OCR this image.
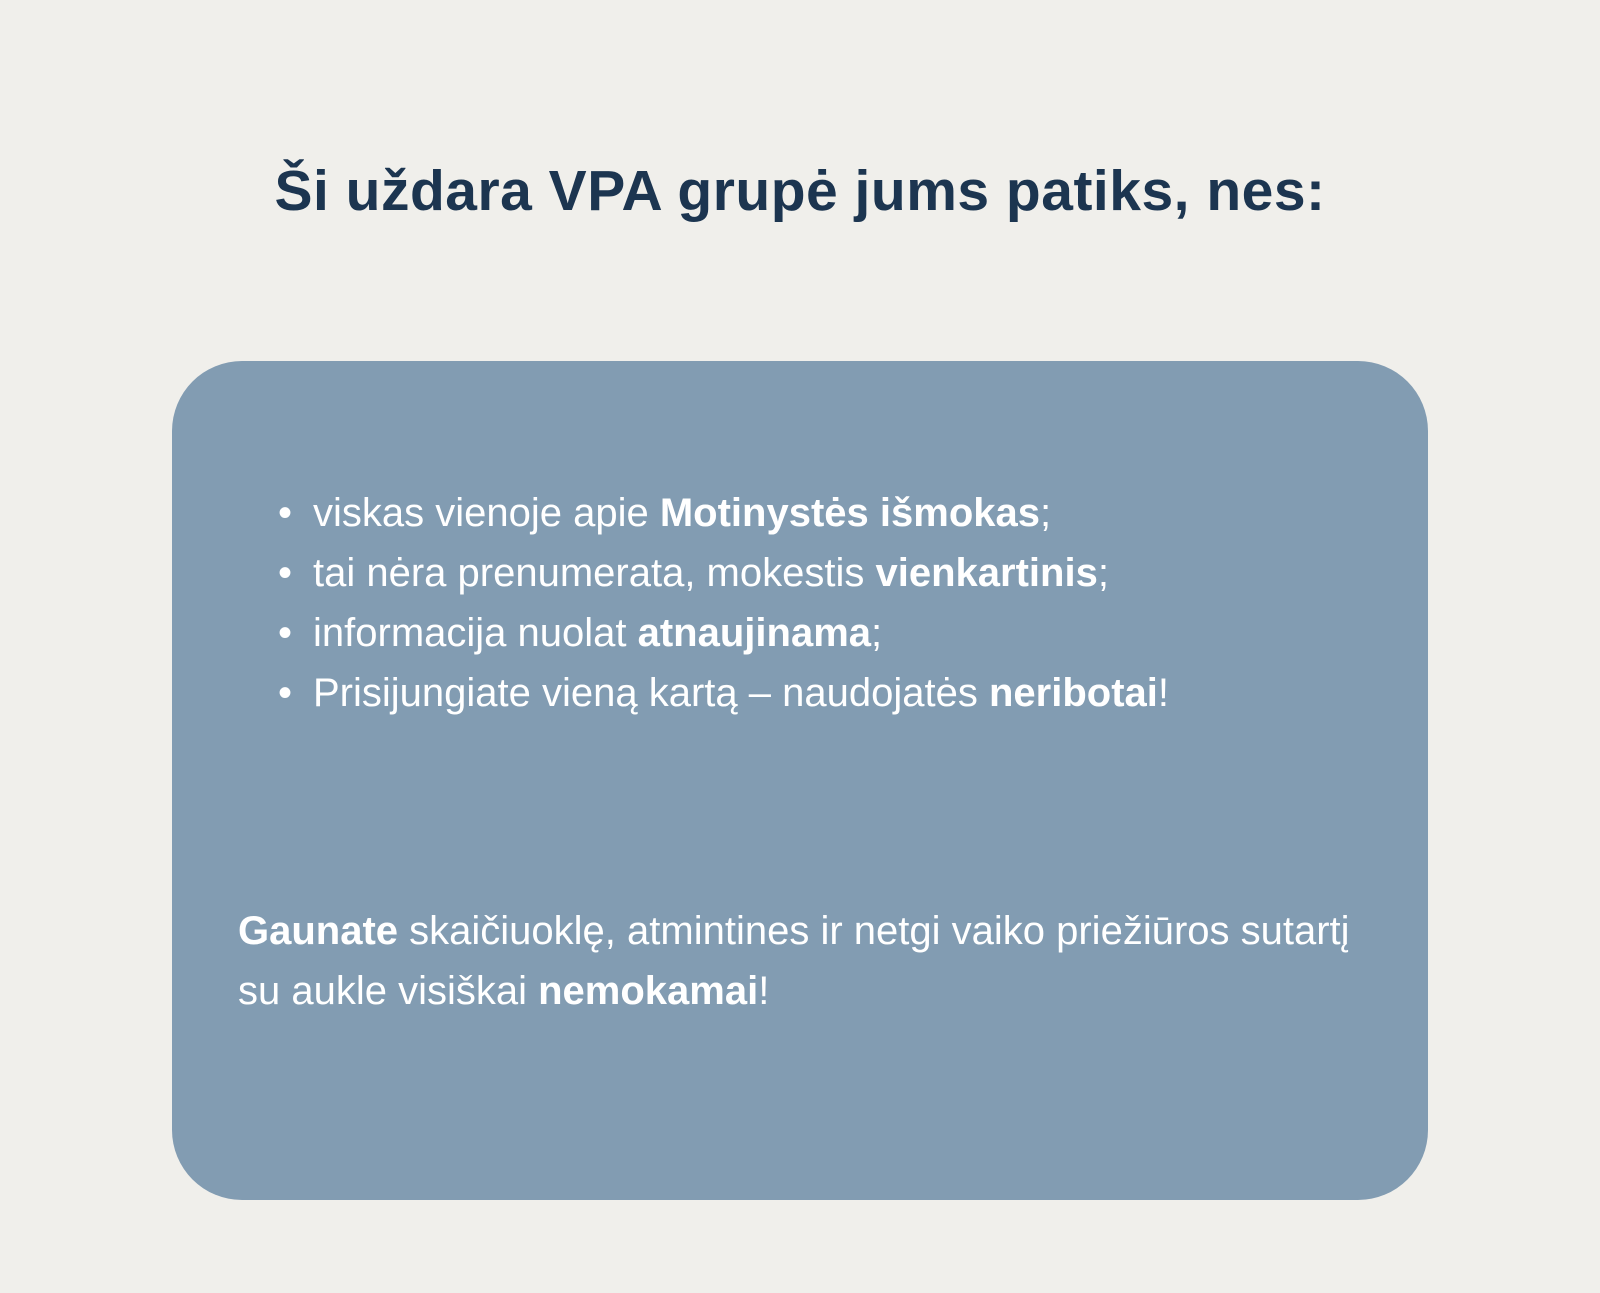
Ši uždara VPA grupė jums patiks, nes:
• viskas vienoje apie Motinystės išmokas;
• tai nėra prenumerata, mokestis vienkartinis;
• informacija nuolat atnaujinama;
• Prisijungiate vieną kartą – naudojatės neribotai!

Gaunate skaičiuoklę, atmintines ir netgi vaiko priežiūros sutartį su aukle visiškai nemokamai!
